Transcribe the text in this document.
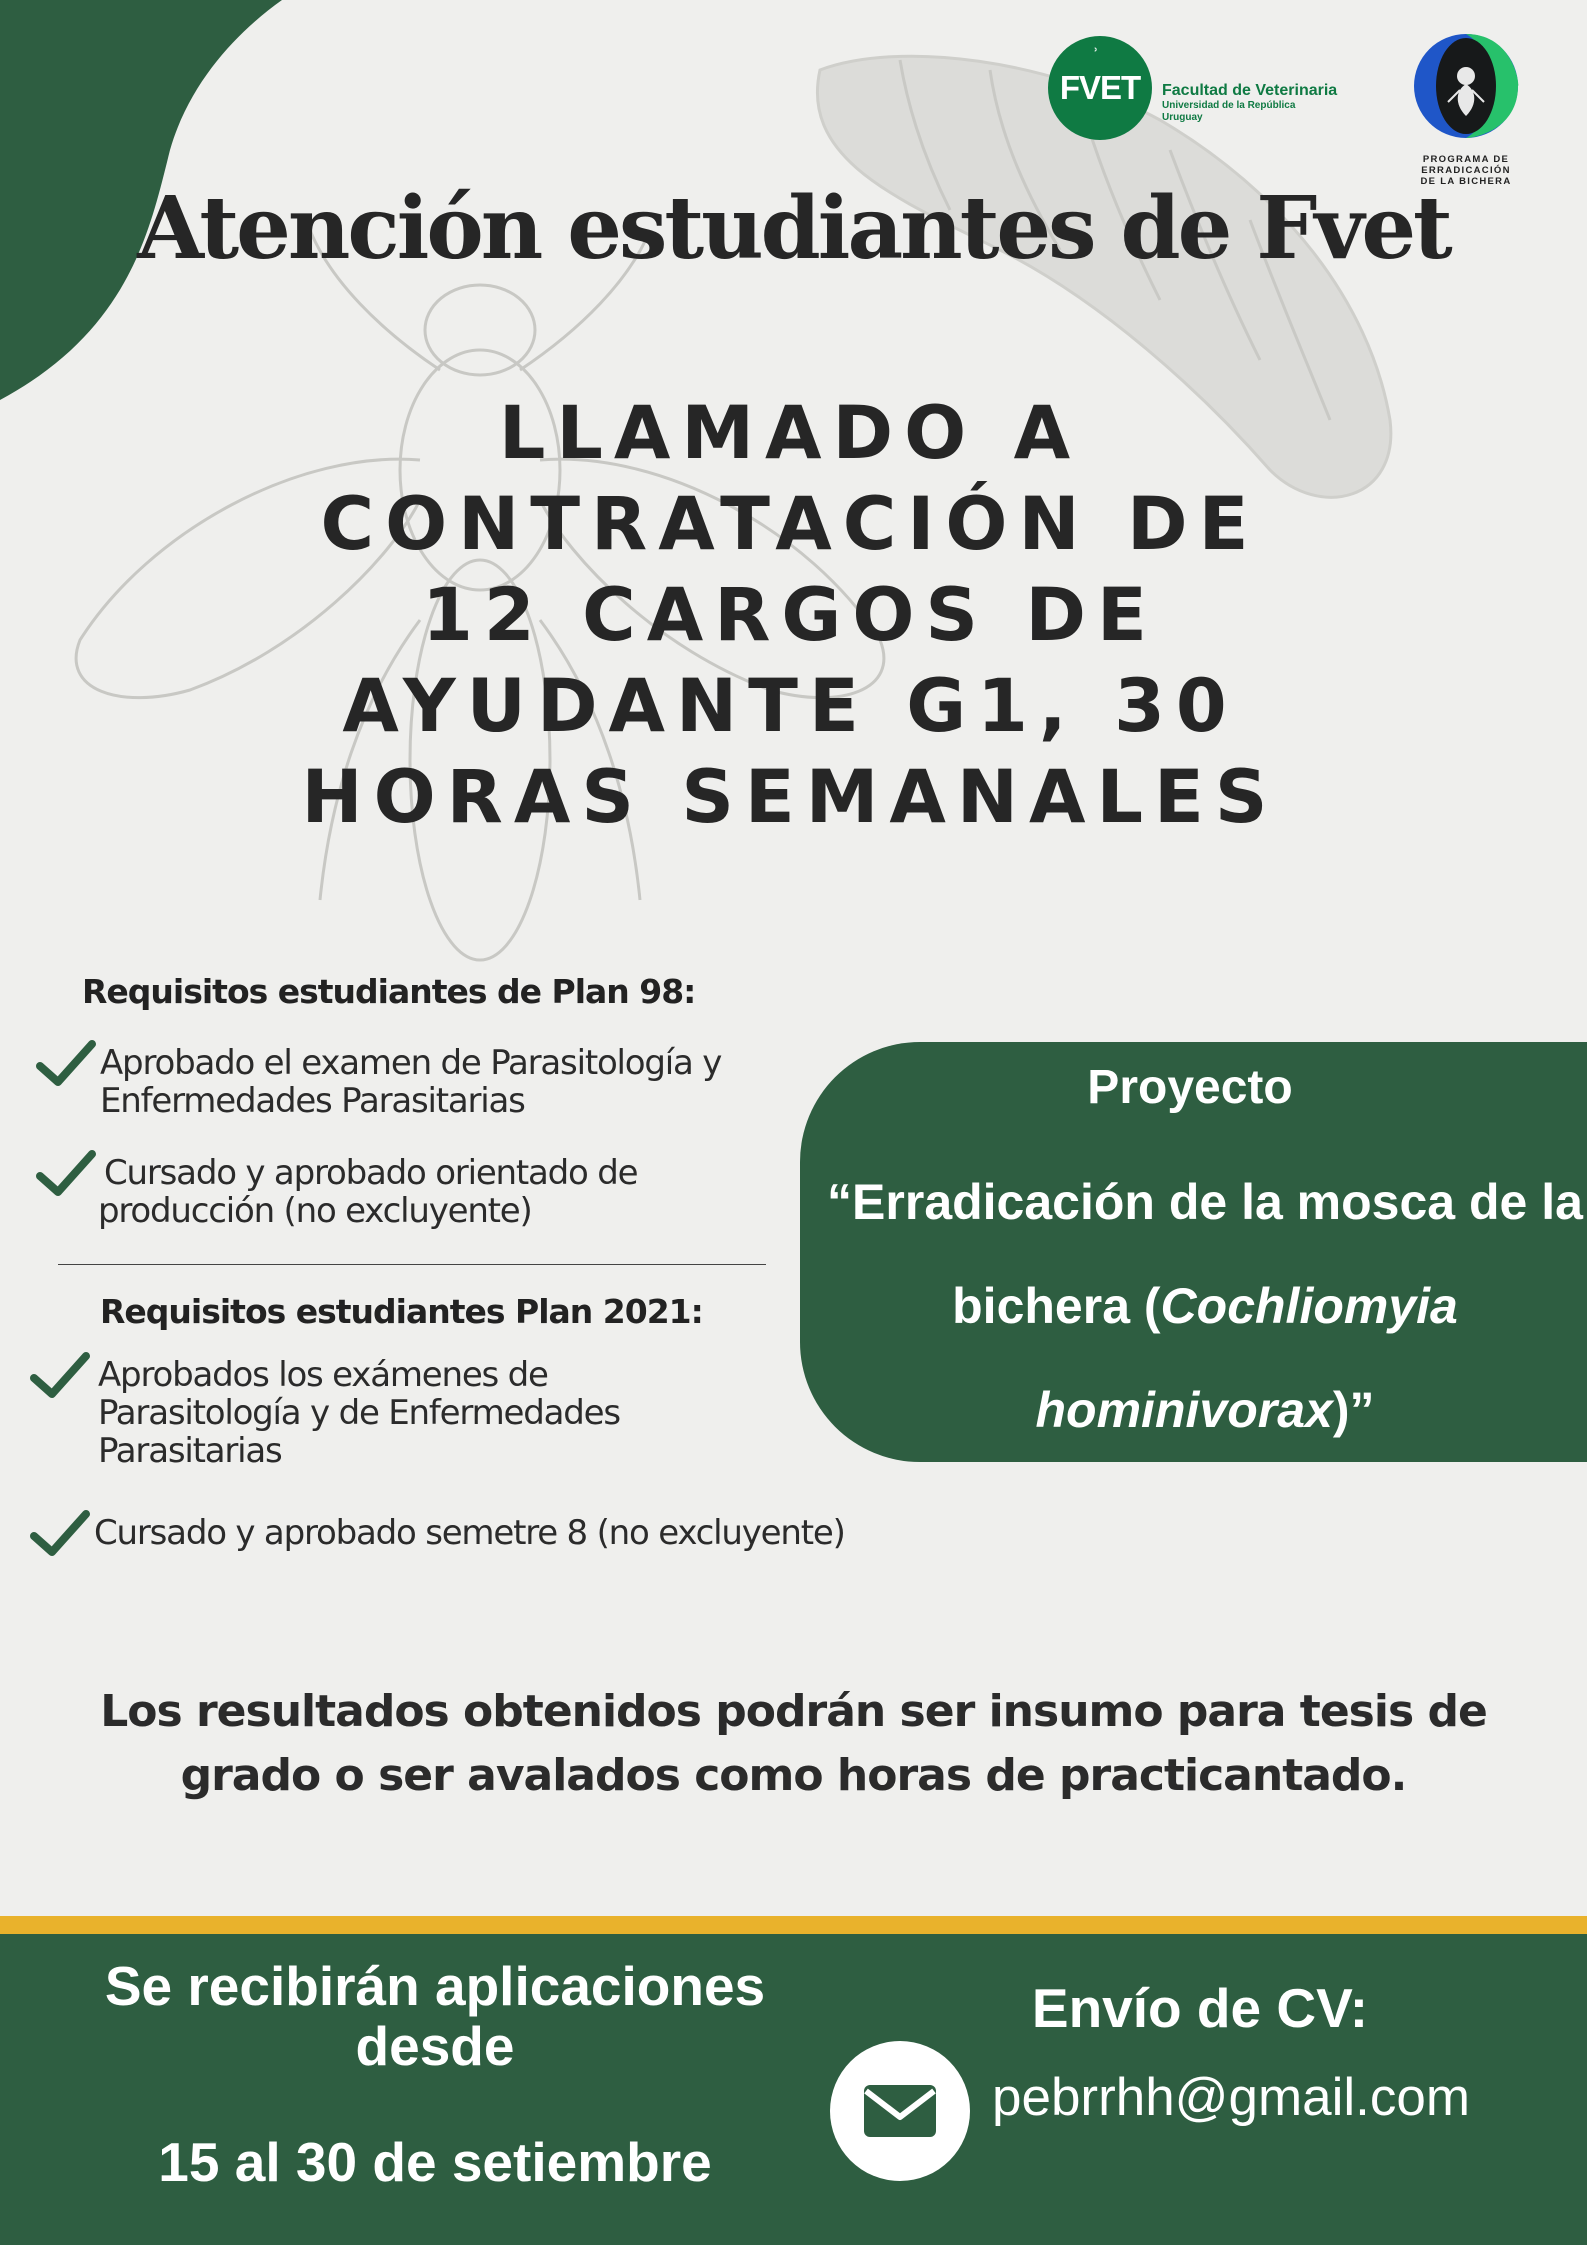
ʾ
FVET	Facultad de Veterinaria
Universidad de la República
Uruguay
PROGRAMA DE
ERRADICACIÓN
DE LA BICHERA
Atención estudiantes de Fvet
LLAMADO A
CONTRATACIÓN DE
12 CARGOS DE
AYUDANTE G1, 30
HORAS SEMANALES
Requisitos estudiantes de Plan 98:
Aprobado el examen de Parasitología y
Enfermedades Parasitarias
Cursado y aprobado orientado de
producción (no excluyente)
Requisitos estudiantes Plan 2021:
Aprobados los exámenes de
Parasitología y de Enfermedades
Parasitarias
Cursado y aprobado semetre 8 (no excluyente)
Proyecto
“Erradicación de la mosca de la bichera (Cochliomyia hominivorax)”

Los resultados obtenidos podrán ser insumo para tesis de grado o ser avalados como horas de practicantado.

Se recibirán aplicaciones desde
15 al 30 de setiembre
Envío de CV:
pebrrhh@gmail.com
